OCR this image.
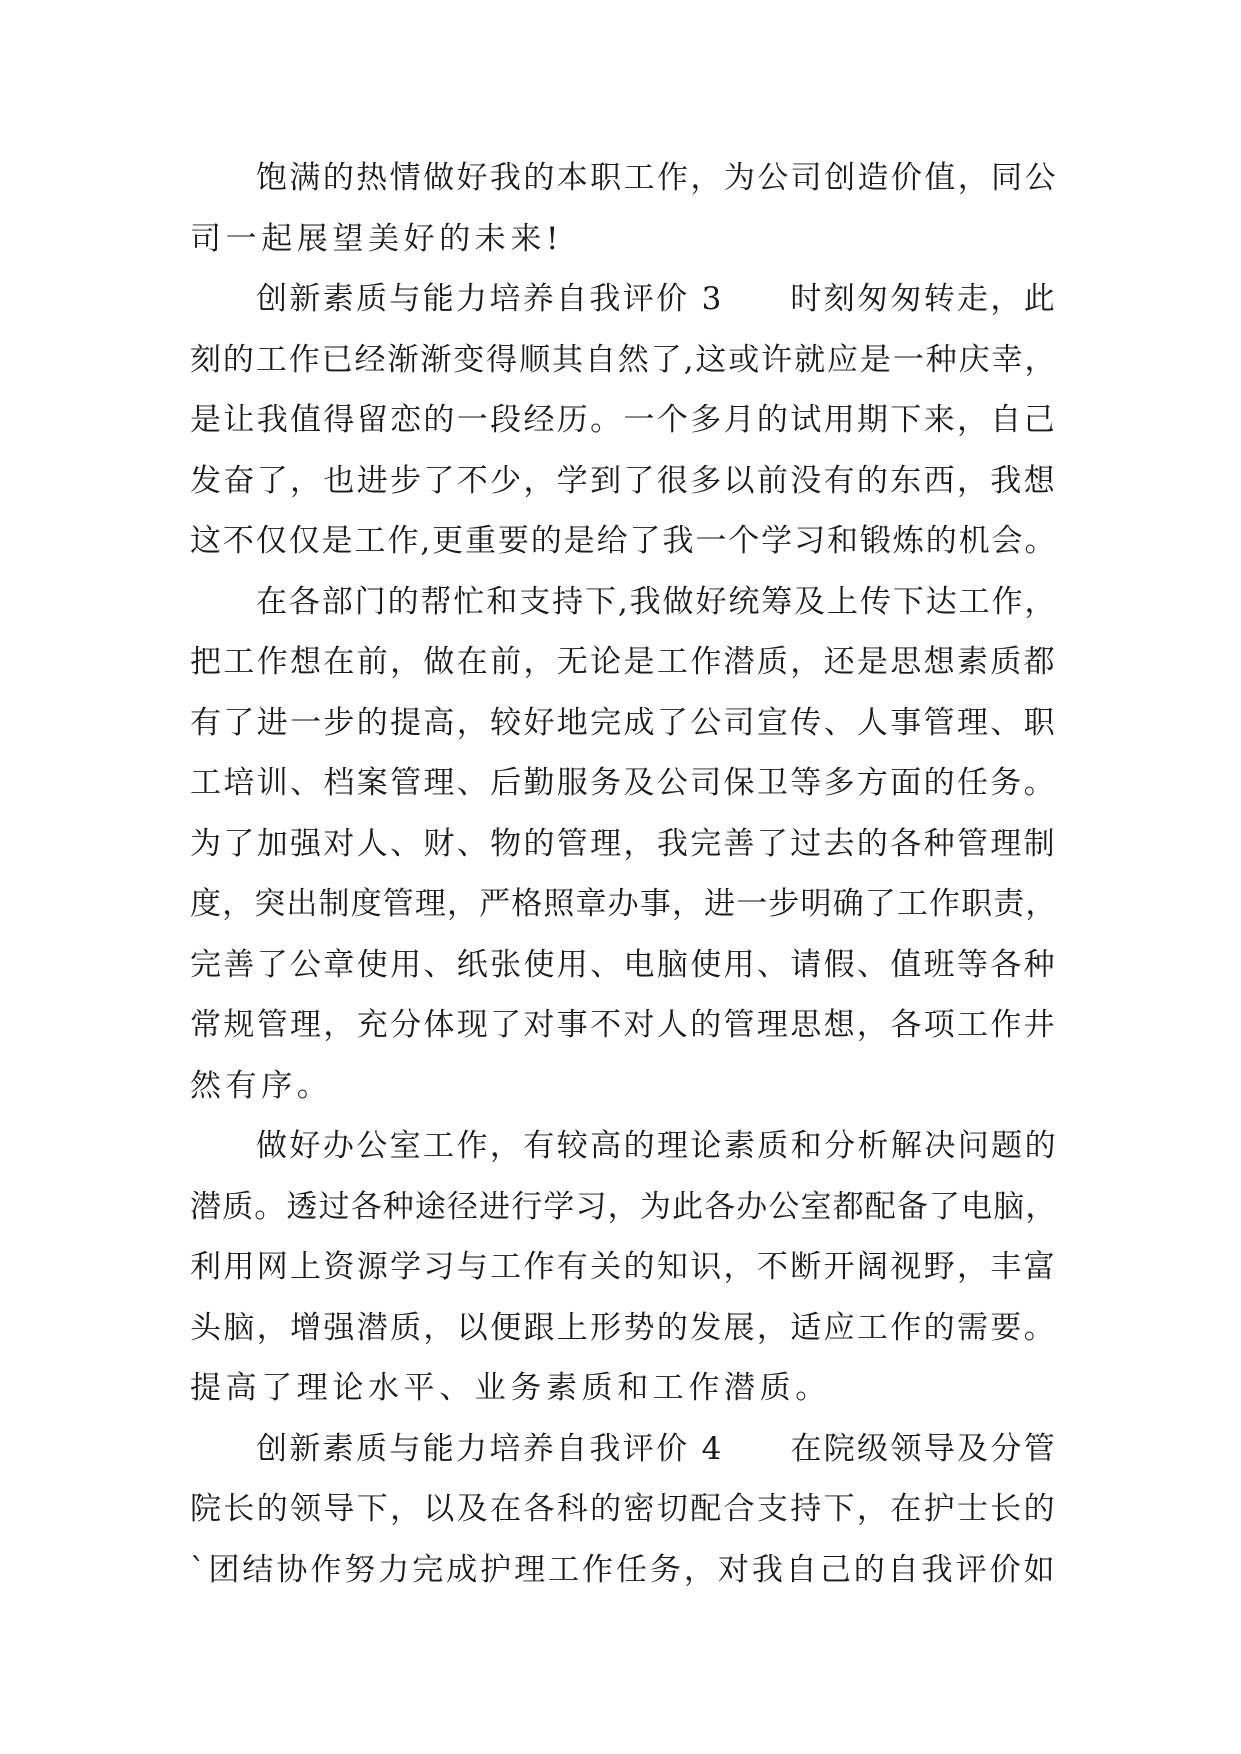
饱满的热情做好我的本职工作，为公司创造价值，同公
司一起展望美好的未来!
创新素质与能力培养自我评价 3　　时刻匆匆转走，此
刻的工作已经渐渐变得顺其自然了,这或许就应是一种庆幸，
是让我值得留恋的一段经历。一个多月的试用期下来，自己
发奋了，也进步了不少，学到了很多以前没有的东西，我想
这不仅仅是工作,更重要的是给了我一个学习和锻炼的机会。
在各部门的帮忙和支持下,我做好统筹及上传下达工作，
把工作想在前，做在前，无论是工作潜质，还是思想素质都
有了进一步的提高，较好地完成了公司宣传、人事管理、职
工培训、档案管理、后勤服务及公司保卫等多方面的任务。
为了加强对人、财、物的管理，我完善了过去的各种管理制
度，突出制度管理，严格照章办事，进一步明确了工作职责，
完善了公章使用、纸张使用、电脑使用、请假、值班等各种
常规管理，充分体现了对事不对人的管理思想，各项工作井
然有序。
做好办公室工作，有较高的理论素质和分析解决问题的
潜质。透过各种途径进行学习，为此各办公室都配备了电脑，
利用网上资源学习与工作有关的知识，不断开阔视野，丰富
头脑，增强潜质，以便跟上形势的发展，适应工作的需要。
提高了理论水平、业务素质和工作潜质。
创新素质与能力培养自我评价 4　　在院级领导及分管
院长的领导下，以及在各科的密切配合支持下，在护士长的
`团结协作努力完成护理工作任务，对我自己的自我评价如
